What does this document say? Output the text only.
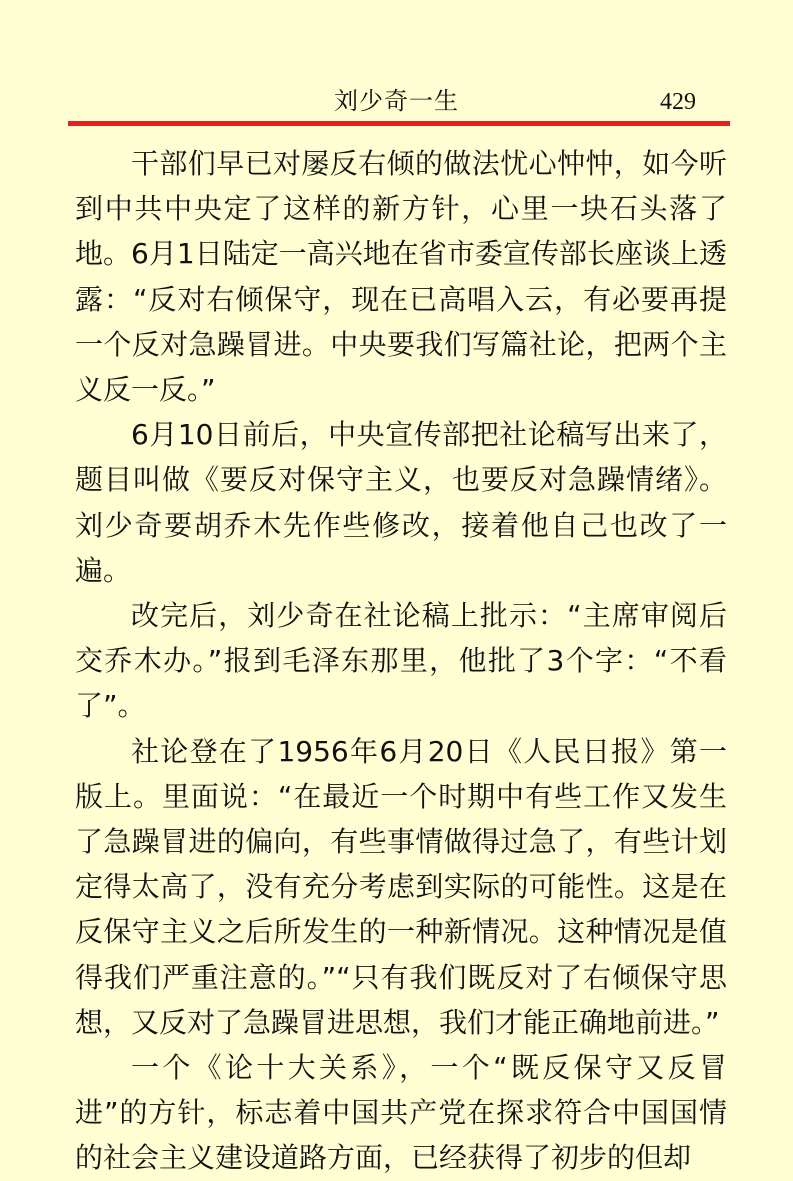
刘少奇一生	429

干部们早已对屡反右倾的做法忧心忡忡，如今听到中共中央定了这样的新方针，心里一块石头落了地。6月1日陆定一高兴地在省市委宣传部长座谈上透露：“反对右倾保守，现在已高唱入云，有必要再提一个反对急躁冒进。中央要我们写篇社论，把两个主义反一反。”

6月10日前后，中央宣传部把社论稿写出来了，题目叫做《要反对保守主义，也要反对急躁情绪》。刘少奇要胡乔木先作些修改，接着他自己也改了一遍。

改完后，刘少奇在社论稿上批示：“主席审阅后交乔木办。”报到毛泽东那里，他批了3个字：“不看了”。

社论登在了1956年6月20日《人民日报》第一版上。里面说：“在最近一个时期中有些工作又发生了急躁冒进的偏向，有些事情做得过急了，有些计划定得太高了，没有充分考虑到实际的可能性。这是在反保守主义之后所发生的一种新情况。这种情况是值得我们严重注意的。”“只有我们既反对了右倾保守思想，又反对了急躁冒进思想，我们才能正确地前进。”

一个《论十大关系》，一个“既反保守又反冒进”的方针，标志着中国共产党在探求符合中国国情的社会主义建设道路方面，已经获得了初步的但却
